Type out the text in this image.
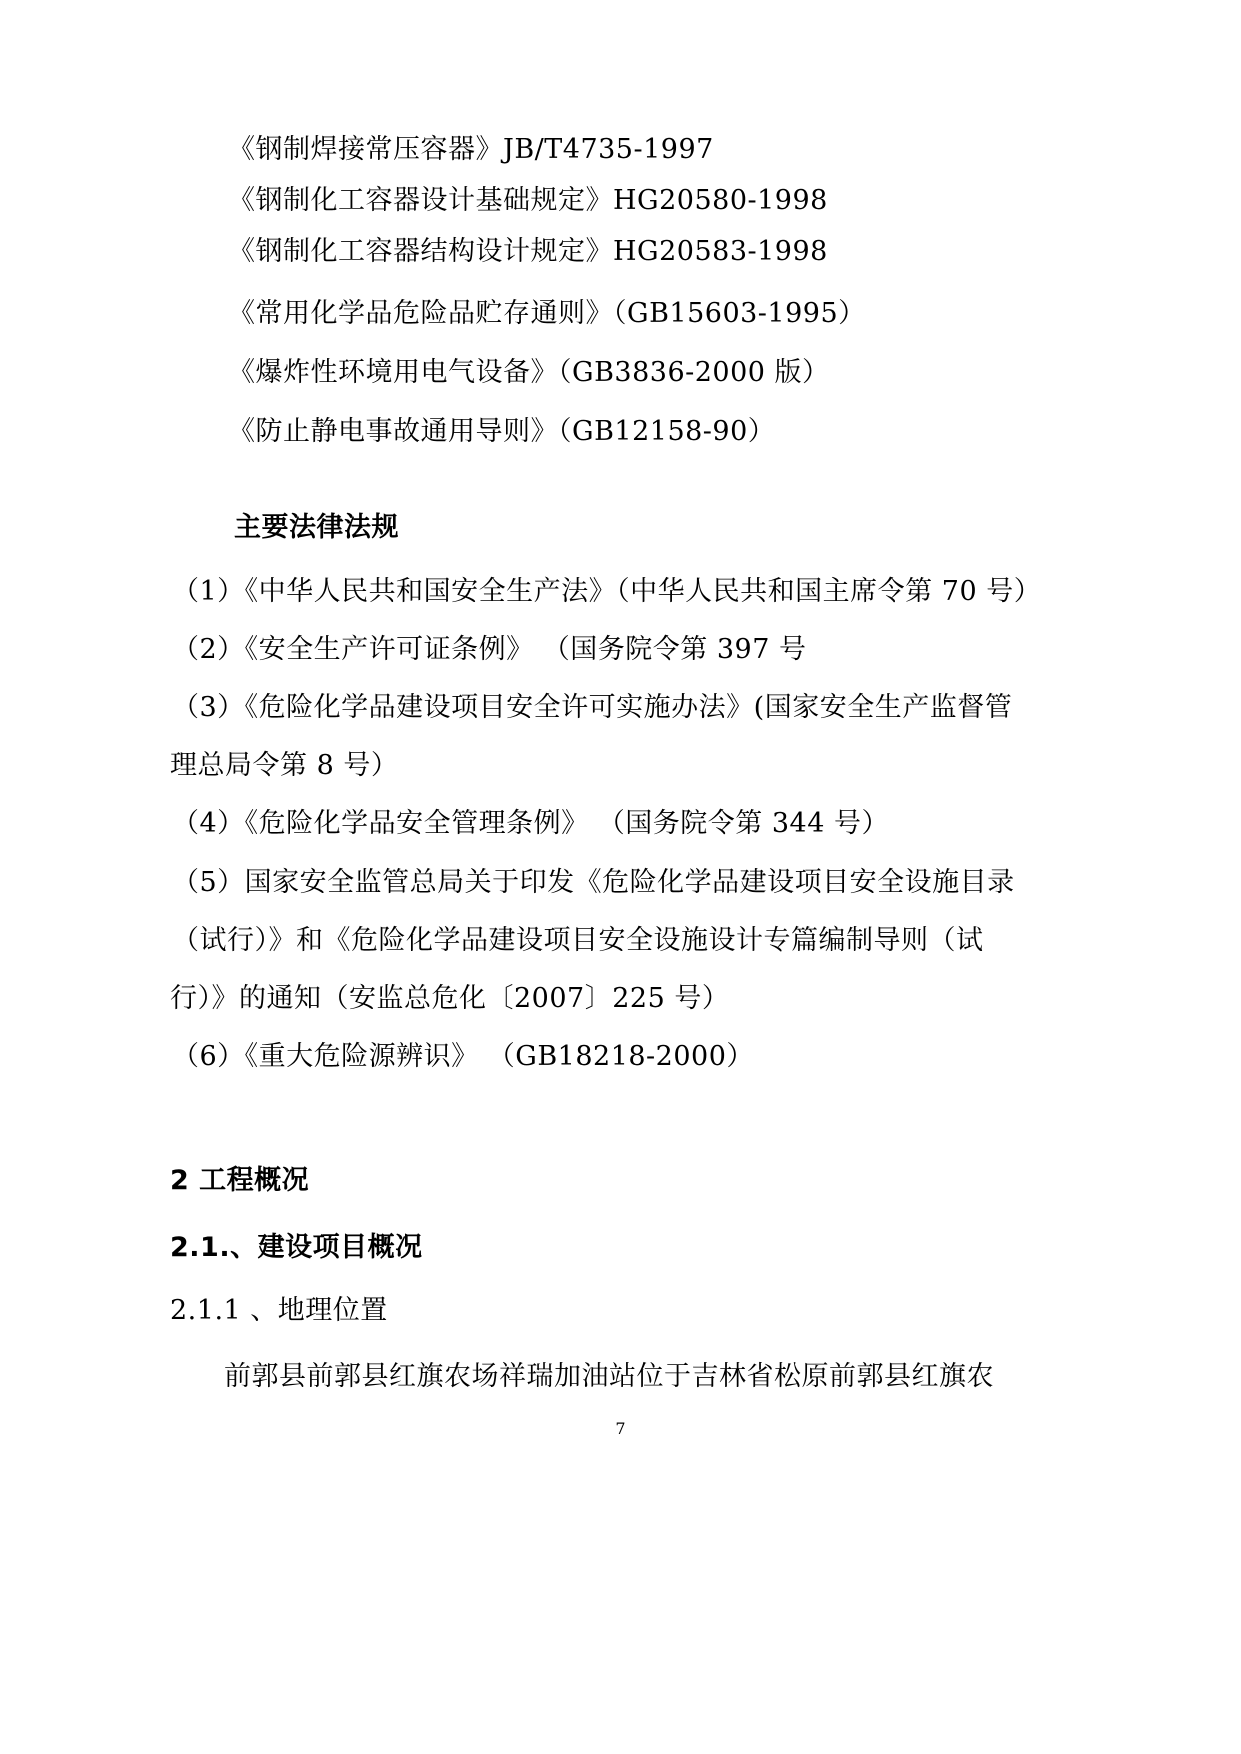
《钢制焊接常压容器》JB/T4735-1997
《钢制化工容器设计基础规定》HG20580-1998
《钢制化工容器结构设计规定》HG20583-1998
《常用化学品危险品贮存通则》（GB15603-1995）
《爆炸性环境用电气设备》（GB3836-2000 版）
《防止静电事故通用导则》（GB12158-90）
主要法律法规
（1）《中华人民共和国安全生产法》（中华人民共和国主席令第 70 号）
（2）《安全生产许可证条例》 （国务院令第 397 号
（3）《危险化学品建设项目安全许可实施办法》(国家安全生产监督管
理总局令第 8 号）
（4）《危险化学品安全管理条例》 （国务院令第 344 号）
（5）国家安全监管总局关于印发《危险化学品建设项目安全设施目录
（试行）》和《危险化学品建设项目安全设施设计专篇编制导则（试
行）》的通知（安监总危化〔2007〕225 号）
（6）《重大危险源辨识》 （GB18218-2000）
2 工程概况
2.1.、建设项目概况
2.1.1 、地理位置
前郭县前郭县红旗农场祥瑞加油站位于吉林省松原前郭县红旗农
7
